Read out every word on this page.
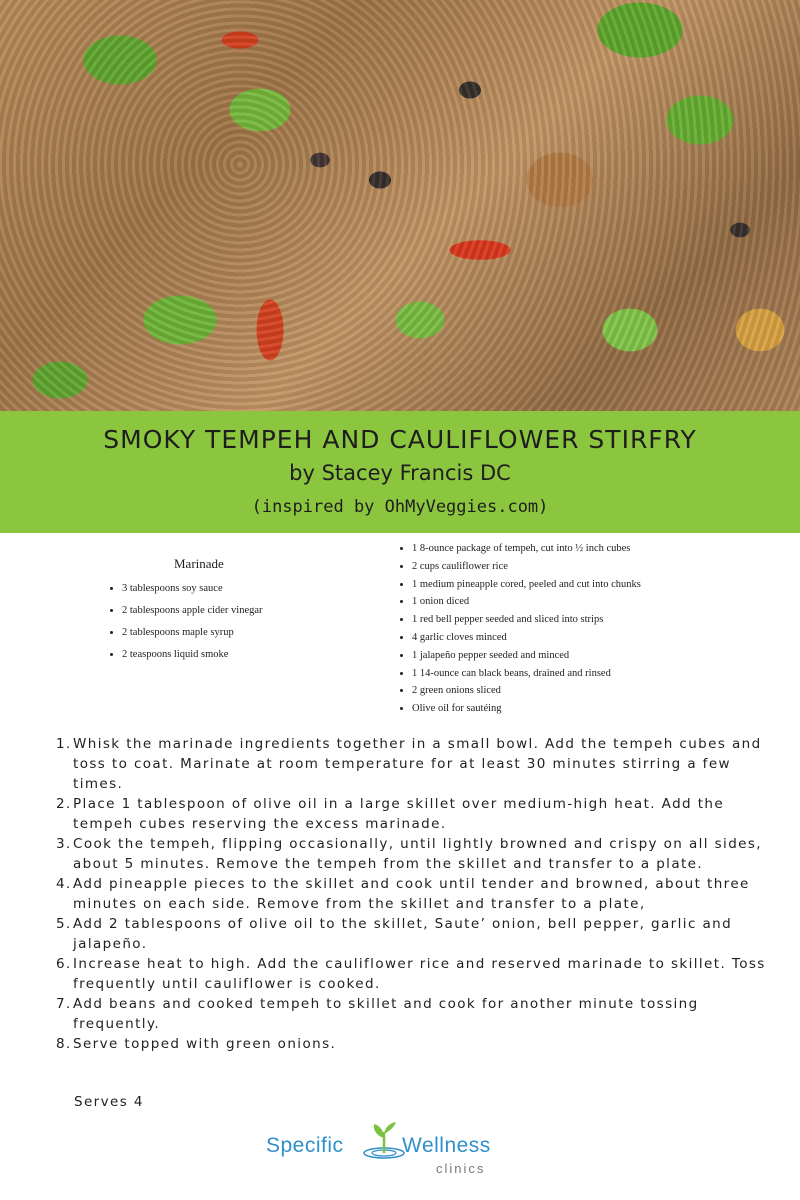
SMOKY TEMPEH AND CAULIFLOWER STIRFRY

by Stacey Francis DC

(inspired by OhMyVeggies.com)

Marinade

• 3 tablespoons soy sauce
• 2 tablespoons apple cider vinegar
• 2 tablespoons maple syrup
• 2 teaspoons liquid smoke
• 1 8-ounce package of tempeh, cut into ½ inch cubes
• 2 cups cauliflower rice
• 1 medium pineapple cored, peeled and cut into chunks
• 1 onion diced
• 1 red bell pepper seeded and sliced into strips
• 4 garlic cloves minced
• 1 jalapeño pepper seeded and minced
• 1 14-ounce can black beans, drained and rinsed
• 2 green onions sliced
• Olive oil for sautéing
1. Whisk the marinade ingredients together in a small bowl. Add the tempeh cubes and toss to coat. Marinate at room temperature for at least 30 minutes stirring a few times.
2. Place 1 tablespoon of olive oil in a large skillet over medium-high heat. Add the tempeh cubes reserving the excess marinade.
3. Cook the tempeh, flipping occasionally, until lightly browned and crispy on all sides, about 5 minutes. Remove the tempeh from the skillet and transfer to a plate.
4. Add pineapple pieces to the skillet and cook until tender and browned, about three minutes on each side. Remove from the skillet and transfer to a plate,
5. Add 2 tablespoons of olive oil to the skillet, Saute’ onion, bell pepper, garlic and jalapeño.
6. Increase heat to high. Add the cauliflower rice and reserved marinade to skillet. Toss frequently until cauliflower is cooked.
7. Add beans and cooked tempeh to skillet and cook for another minute tossing frequently.
8. Serve topped with green onions.
Serves 4
Specific	Wellness
clinics
